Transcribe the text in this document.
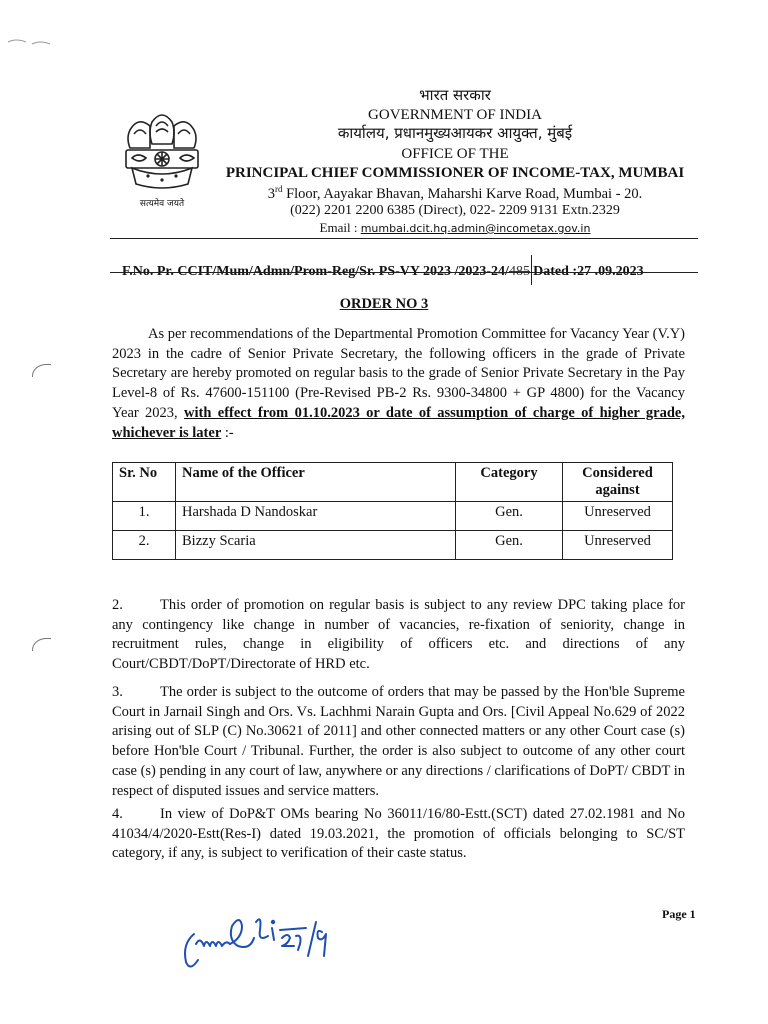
सत्यमेव जयते
भारत सरकार
GOVERNMENT OF INDIA
कार्यालय, प्रधानमुख्यआयकर आयुक्त, मुंबई
OFFICE OF THE
PRINCIPAL CHIEF COMMISSIONER OF INCOME-TAX, MUMBAI
3rd Floor, Aayakar Bhavan, Maharshi Karve Road, Mumbai - 20.
(022) 2201 2200 6385 (Direct), 022- 2209 9131 Extn.2329
Email : mumbai.dcit.hq.admin@incometax.gov.in
F.No. Pr. CCIT/Mum/Admn/Prom-Reg/Sr. PS-VY 2023 /2023-24/485 Dated :27 .09.2023
ORDER NO 3
As per recommendations of the Departmental Promotion Committee for Vacancy Year (V.Y) 2023 in the cadre of Senior Private Secretary, the following officers in the grade of Private Secretary are hereby promoted on regular basis to the grade of Senior Private Secretary in the Pay Level-8 of Rs. 47600-151100 (Pre-Revised PB-2 Rs. 9300-34800 + GP 4800) for the Vacancy Year 2023, with effect from 01.10.2023 or date of assumption of charge of higher grade, whichever is later :-
Sr. No	Name of the Officer	Category	Considered against
1.	Harshada D Nandoskar	Gen.	Unreserved
2.	Bizzy Scaria	Gen.	Unreserved
2.	This order of promotion on regular basis is subject to any review DPC taking place for any contingency like change in number of vacancies, re-fixation of seniority, change in recruitment rules, change in eligibility of officers etc. and directions of any Court/CBDT/DoPT/Directorate of HRD etc.
3.	The order is subject to the outcome of orders that may be passed by the Hon'ble Supreme Court in Jarnail Singh and Ors. Vs. Lachhmi Narain Gupta and Ors. [Civil Appeal No.629 of 2022 arising out of SLP (C) No.30621 of 2011] and other connected matters or any other Court case (s) before Hon'ble Court / Tribunal. Further, the order is also subject to outcome of any other court case (s) pending in any court of law, anywhere or any directions / clarifications of DoPT/ CBDT in respect of disputed issues and service matters.
4.	In view of DoP&T OMs bearing No 36011/16/80-Estt.(SCT) dated 27.02.1981 and No 41034/4/2020-Estt(Res-I) dated 19.03.2021, the promotion of officials belonging to SC/ST category, if any, is subject to verification of their caste status.
Page 1
